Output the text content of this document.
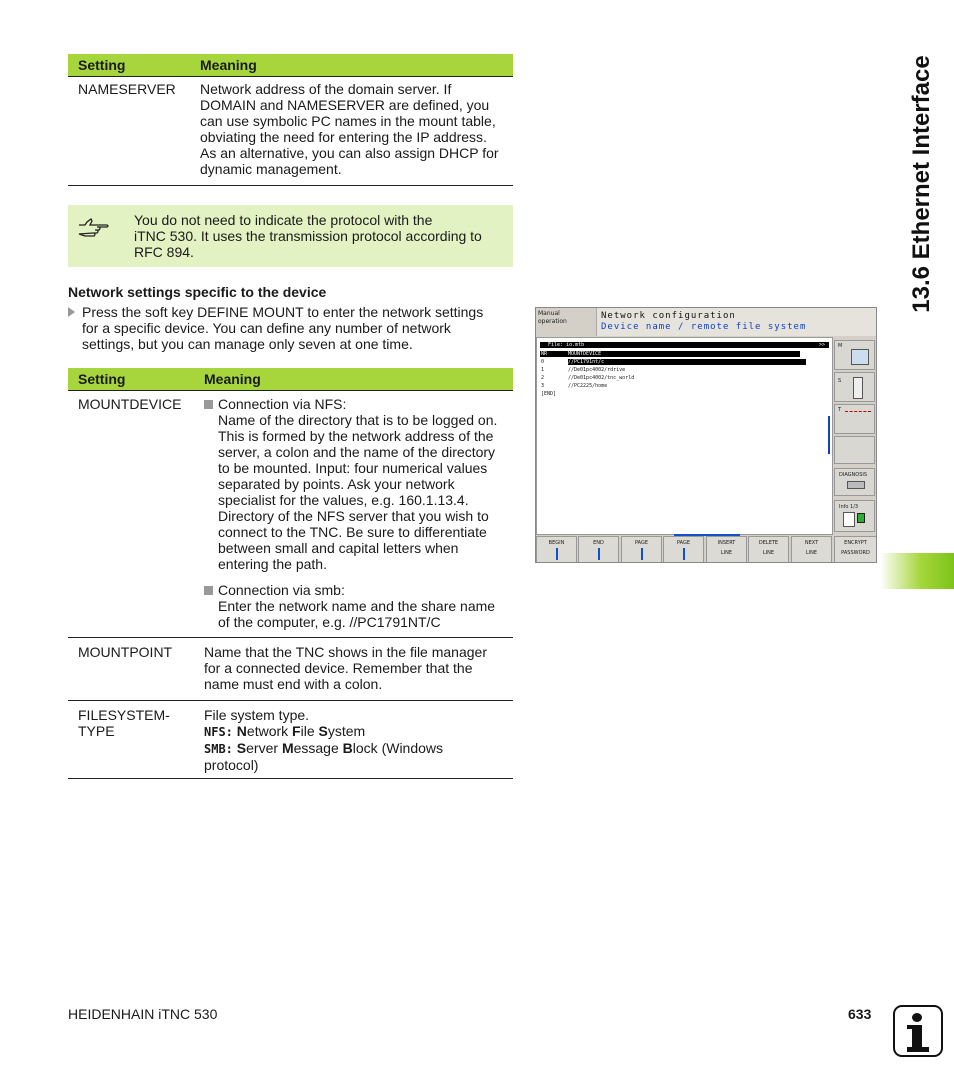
13.6 Ethernet Interface
Setting	Meaning
NAMESERVER Network address of the domain server. If
DOMAIN and NAMESERVER are defined, you
can use symbolic PC names in the mount table,
obviating the need for entering the IP address.
As an alternative, you can also assign DHCP for
dynamic management.
You do not need to indicate the protocol with the
iTNC 530. It uses the transmission protocol according to
RFC 894.
Network settings specific to the device
Press the soft key DEFINE MOUNT to enter the network settings
for a specific device. You can define any number of network
settings, but you can manage only seven at one time.
Setting	Meaning
MOUNTDEVICE	Connection via NFS:
Name of the directory that is to be logged on.
This is formed by the network address of the
server, a colon and the name of the directory
to be mounted. Input: four numerical values
separated by points. Ask your network
specialist for the values, e.g. 160.1.13.4.
Directory of the NFS server that you wish to
connect to the TNC. Be sure to differentiate
between small and capital letters when
entering the path.
Connection via smb:
Enter the network name and the share name
of the computer, e.g. //PC1791NT/C
MOUNTPOINT Name that the TNC shows in the file manager
for a connected device. Remember that the
name must end with a colon.
FILESYSTEM-
TYPE
File system type.
NFS: Network File System
SMB: Server Message Block (Windows
protocol)
Manual
operation
Network configuration
Device name / remote file system
File: io.mtb	>>
NR	MOUNTDEVICE
0	//PC1791nt/c
1	//De01pc4002/rdrive
2	//De01pc4002/tnc_world
3	//PC2225/home
[END]
M
S
T
DIAGNOSIS
Info 1/3
BEGIN	END	PAGE	PAGE	INSERT
LINE
DELETE
LINE
NEXT
LINE
ENCRYPT
PASSWORD
HEIDENHAIN iTNC 530	633
